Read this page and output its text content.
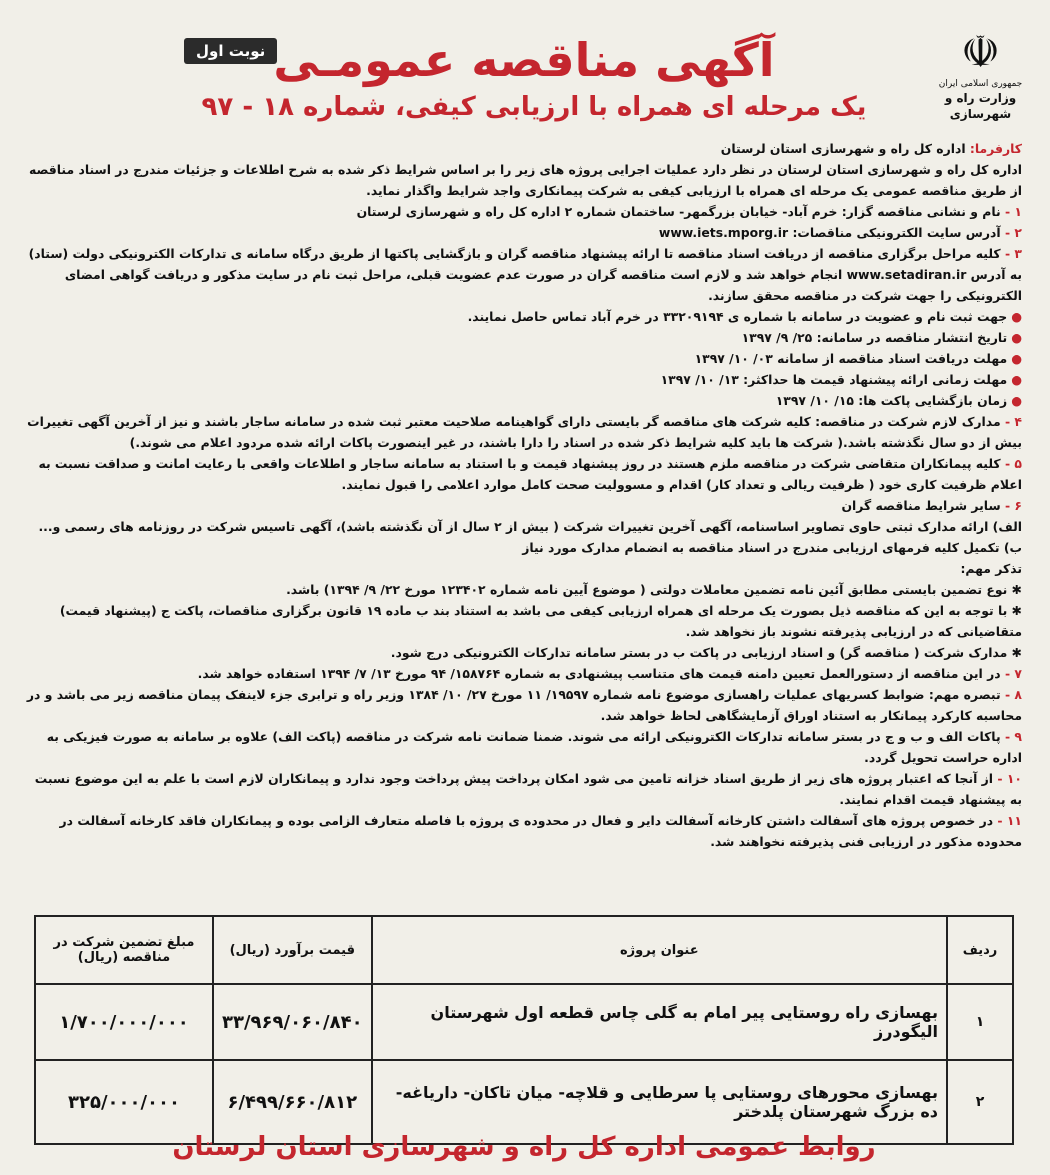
☫
جمهوری اسلامی ایران
وزارت راه و شهرسازی
نوبت اول آگهی مناقصه عمومـی
یک مرحله ای همراه با ارزیابی کیفی، شماره ۱۸ - ۹۷

کارفرما: اداره کل راه و شهرسازی استان لرستان

اداره کل راه و شهرسازی استان لرستان در نظر دارد عملیات اجرایی پروژه های زیر را بر اساس شرایط ذکر شده به شرح اطلاعات و جزئیات مندرج در اسناد مناقصه از طریق مناقصه عمومی یک مرحله ای همراه با ارزیابی کیفی به شرکت پیمانکاری واجد شرایط واگذار نماید.

۱ - نام و نشانی مناقصه گزار: خرم آباد- خیابان بزرگمهر- ساختمان شماره ۲ اداره کل راه و شهرسازی لرستان

۲ - آدرس سایت الکترونیکی مناقصات: www.iets.mporg.ir

۳ - کلیه مراحل برگزاری مناقصه از دریافت اسناد مناقصه تا ارائه پیشنهاد مناقصه گران و بازگشایی پاکتها از طریق درگاه سامانه ی تدارکات الکترونیکی دولت (ستاد) به آدرس www.setadiran.ir انجام خواهد شد و لازم است مناقصه گران در صورت عدم عضویت قبلی، مراحل ثبت نام در سایت مذکور و دریافت گواهی امضای الکترونیکی را جهت شرکت در مناقصه محقق سازند.

●جهت ثبت نام و عضویت در سامانه با شماره ی ۳۳۲۰۹۱۹۴ در خرم آباد تماس حاصل نمایند.

●تاریخ انتشار مناقصه در سامانه: ۲۵/ ۹/ ۱۳۹۷

●مهلت دریافت اسناد مناقصه از سامانه ۰۳/ ۱۰/ ۱۳۹۷

●مهلت زمانی ارائه پیشنهاد قیمت ها حداکثر: ۱۳/ ۱۰/ ۱۳۹۷

●زمان بازگشایی پاکت ها: ۱۵/ ۱۰/ ۱۳۹۷

۴ - مدارک لازم شرکت در مناقصه: کلیه شرکت های مناقصه گر بایستی دارای گواهینامه صلاحیت معتبر ثبت شده در سامانه ساجار باشند و نیز از آخرین آگهی تغییرات بیش از دو سال نگذشته باشد.( شرکت ها باید کلیه شرایط ذکر شده در اسناد را دارا باشند، در غیر اینصورت پاکات ارائه شده مردود اعلام می شوند.)

۵ - کلیه پیمانکاران متقاضی شرکت در مناقصه ملزم هستند در روز پیشنهاد قیمت و با استناد به سامانه ساجار و اطلاعات واقعی با رعایت امانت و صداقت نسبت به اعلام ظرفیت کاری خود ( ظرفیت ریالی و تعداد کار) اقدام و مسوولیت صحت کامل موارد اعلامی را قبول نمایند.

۶ - سایر شرایط مناقصه گران

الف) ارائه مدارک ثبتی حاوی تصاویر اساسنامه، آگهی آخرین تغییرات شرکت ( بیش از ۲ سال از آن نگذشته باشد)، آگهی تاسیس شرکت در روزنامه های رسمی و...

ب) تکمیل کلیه فرمهای ارزیابی مندرج در اسناد مناقصه به انضمام مدارک مورد نیاز

تذکر مهم:

✱ نوع تضمین بایستی مطابق آئین نامه تضمین معاملات دولتی ( موضوع آیین نامه شماره ۱۲۳۴۰۲ مورخ ۲۲/ ۹/ ۱۳۹۴) باشد.

✱ با توجه به این که مناقصه ذیل بصورت یک مرحله ای همراه ارزیابی کیفی می باشد به استناد بند ب ماده ۱۹ قانون برگزاری مناقصات، پاکت ج (پیشنهاد قیمت) متقاضیانی که در ارزیابی پذیرفته نشوند باز نخواهد شد.

✱ مدارک شرکت ( مناقصه گر) و اسناد ارزیابی در پاکت ب در بستر سامانه تدارکات الکترونیکی درج شود.

۷ - در این مناقصه از دستورالعمل تعیین دامنه قیمت های متناسب پیشنهادی به شماره ۱۵۸۷۶۴/ ۹۴ مورخ ۱۳/ ۷/ ۱۳۹۴ استفاده خواهد شد.

۸ - تبصره مهم: ضوابط کسریهای عملیات راهسازی موضوع نامه شماره ۱۹۵۹۷/ ۱۱ مورخ ۲۷/ ۱۰/ ۱۳۸۴ وزیر راه و ترابری جزء لاینفک پیمان مناقصه زیر می باشد و در محاسبه کارکرد پیمانکار به استناد اوراق آزمایشگاهی لحاظ خواهد شد.

۹ - پاکات الف و ب و ج در بستر سامانه تدارکات الکترونیکی ارائه می شوند. ضمنا ضمانت نامه شرکت در مناقصه (پاکت الف) علاوه بر سامانه به صورت فیزیکی به اداره حراست تحویل گردد.

۱۰ - از آنجا که اعتبار پروژه های زیر از طریق اسناد خزانه تامین می شود امکان پرداخت پیش پرداخت وجود ندارد و پیمانکاران لازم است با علم به این موضوع نسبت به پیشنهاد قیمت اقدام نمایند.

۱۱ - در خصوص پروژه های آسفالت داشتن کارخانه آسفالت دایر و فعال در محدوده ی پروژه با فاصله متعارف الزامی بوده و پیمانکاران فاقد کارخانه آسفالت در محدوده مذکور در ارزیابی فنی پذیرفته نخواهند شد.

ردیف	عنوان پروژه	قیمت برآورد (ریال)	مبلغ تضمین شرکت در مناقصه (ریال)
۱	بهسازی راه روستایی پیر امام به گلی چاس قطعه اول شهرستان الیگودرز	۳۳/۹۶۹/۰۶۰/۸۴۰	۱/۷۰۰/۰۰۰/۰۰۰
۲	بهسازی محورهای روستایی پا سرطایی و قلاچه- میان تاکان- داریاغه- ده بزرگ شهرستان پلدختر	۶/۴۹۹/۶۶۰/۸۱۲	۳۲۵/۰۰۰/۰۰۰
روابط عمومی اداره کل راه و شهرسازی استان لرستان
